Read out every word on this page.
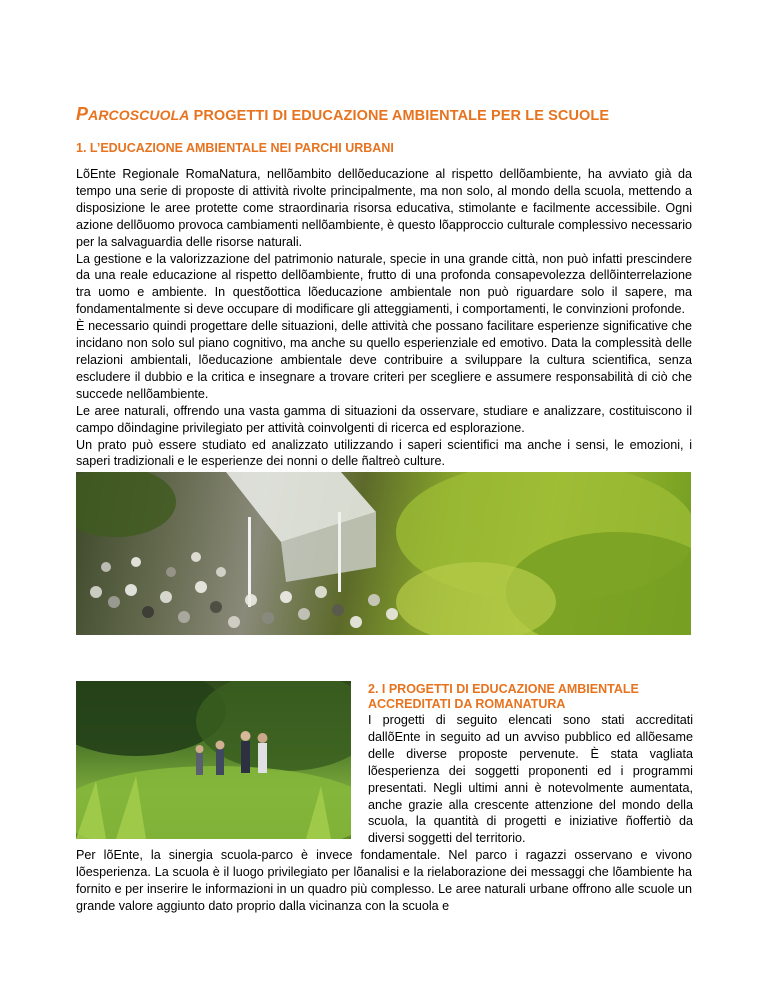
PARCOSCUOLA PROGETTI DI EDUCAZIONE AMBIENTALE PER LE SCUOLE
1. L’EDUCAZIONE AMBIENTALE NEI PARCHI URBANI

LõEnte Regionale RomaNatura, nellõambito dellõeducazione al rispetto dellõambiente, ha avviato già da tempo una serie di proposte di attività rivolte principalmente, ma non solo, al mondo della scuola, mettendo a disposizione le aree protette come straordinaria risorsa educativa, stimolante e facilmente accessibile. Ogni azione dellõuomo provoca cambiamenti nellõambiente, è questo lõapproccio culturale complessivo necessario per la salvaguardia delle risorse naturali.

La gestione e la valorizzazione del patrimonio naturale, specie in una grande città, non può infatti prescindere da una reale educazione al rispetto dellõambiente, frutto di una profonda consapevolezza dellõinterrelazione tra uomo e ambiente. In questõottica lõeducazione ambientale non può riguardare solo il sapere, ma fondamentalmente si deve occupare di modificare gli atteggiamenti, i comportamenti, le convinzioni profonde.

È necessario quindi progettare delle situazioni, delle attività che possano facilitare esperienze significative che incidano non solo sul piano cognitivo, ma anche su quello esperienziale ed emotivo. Data la complessità delle relazioni ambientali, lõeducazione ambientale deve contribuire a sviluppare la cultura scientifica, senza escludere il dubbio e la critica e insegnare a trovare criteri per scegliere e assumere responsabilità di ciò che succede nellõambiente.

Le aree naturali, offrendo una vasta gamma di situazioni da osservare, studiare e analizzare, costituiscono il campo dõindagine privilegiato per attività coinvolgenti di ricerca ed esplorazione.

Un prato può essere studiato ed analizzato utilizzando i saperi scientifici ma anche i sensi, le emozioni, i saperi tradizionali e le esperienze dei nonni o delle ñaltreò culture.

2. I PROGETTI DI EDUCAZIONE AMBIENTALE ACCREDITATI DA ROMANATURA

I progetti di seguito elencati sono stati accreditati dallõEnte in seguito ad un avviso pubblico ed allõesame delle diverse proposte pervenute. È stata vagliata lõesperienza dei soggetti proponenti ed i programmi presentati. Negli ultimi anni è notevolmente aumentata, anche grazie alla crescente attenzione del mondo della scuola, la quantità di progetti e iniziative ñoffertiò da diversi soggetti del territorio.

Per lõEnte, la sinergia scuola-parco è invece fondamentale. Nel parco i ragazzi osservano e vivono lõesperienza. La scuola è il luogo privilegiato per lõanalisi e la rielaborazione dei messaggi che lõambiente ha fornito e per inserire le informazioni in un quadro più complesso. Le aree naturali urbane offrono alle scuole un grande valore aggiunto dato proprio dalla vicinanza con la scuola e
